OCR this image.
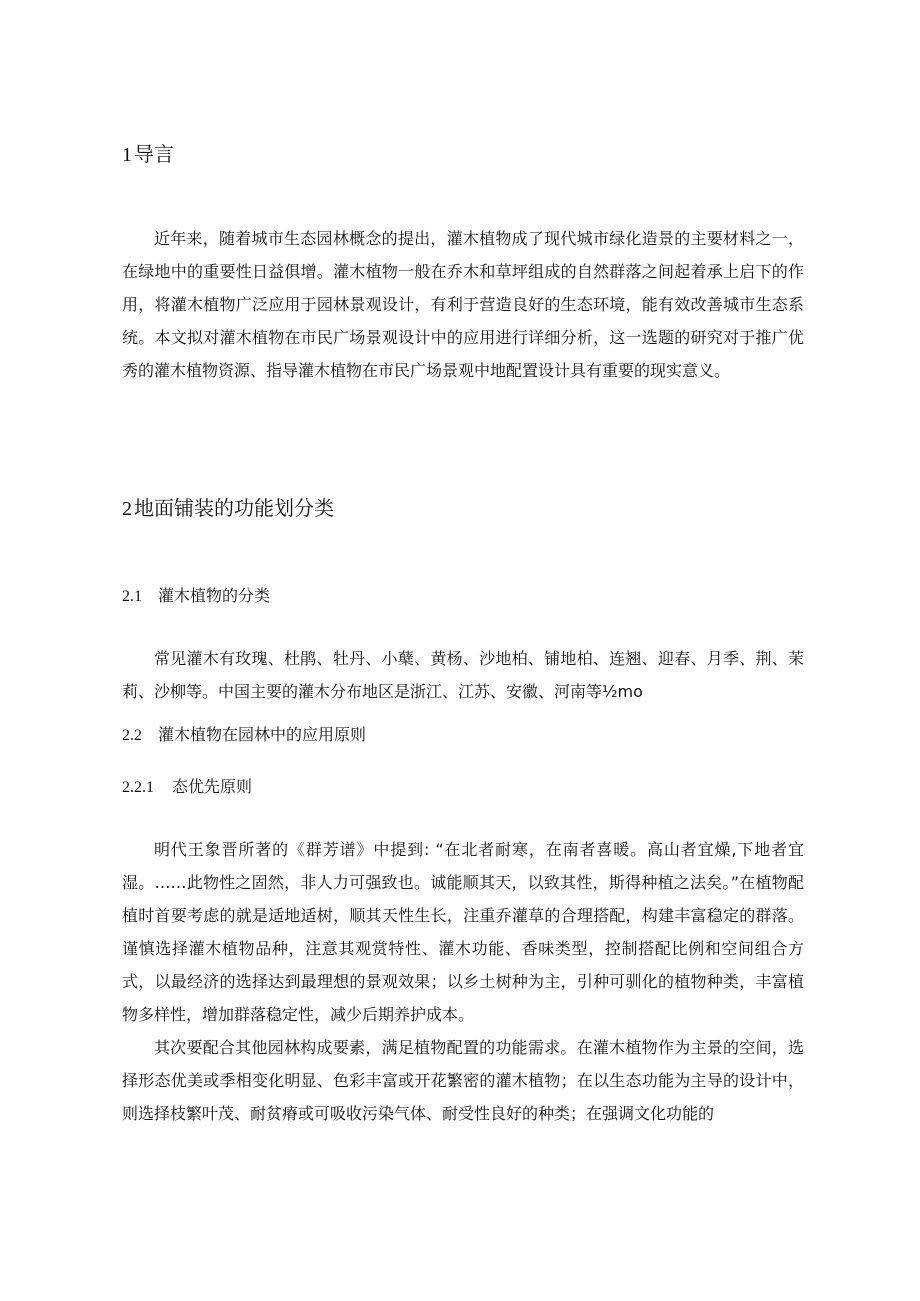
1 导言

近年来，随着城市生态园林概念的提出，灌木植物成了现代城市绿化造景的主要材料之一，在绿地中的重要性日益俱增。灌木植物一般在乔木和草坪组成的自然群落之间起着承上启下的作用，将灌木植物广泛应用于园林景观设计，有利于营造良好的生态环境，能有效改善城市生态系统。本文拟对灌木植物在市民广场景观设计中的应用进行详细分析，这一选题的研究对于推广优秀的灌木植物资源、指导灌木植物在市民广场景观中地配置设计具有重要的现实意义。

2 地面铺装的功能划分类
2.1 灌木植物的分类

常见灌木有玫瑰、杜鹃、牡丹、小蘖、黄杨、沙地柏、铺地柏、连翘、迎春、月季、荆、茉莉、沙柳等。中国主要的灌木分布地区是浙江、江苏、安徽、河南等½mo

2.2 灌木植物在园林中的应用原则
2.2.1 态优先原则

明代王象晋所著的《群芳谱》中提到: “在北者耐寒，在南者喜暖。高山者宜燥,下地者宜湿。……此物性之固然，非人力可强致也。诚能顺其天，以致其性，斯得种植之法矣。”在植物配植时首要考虑的就是适地适树，顺其天性生长，注重乔灌草的合理搭配，构建丰富稳定的群落。谨慎选择灌木植物品种，注意其观赏特性、灌木功能、香味类型，控制搭配比例和空间组合方式，以最经济的选择达到最理想的景观效果；以乡土树种为主，引种可驯化的植物种类，丰富植物多样性，增加群落稳定性，减少后期养护成本。

其次要配合其他园林构成要素，满足植物配置的功能需求。在灌木植物作为主景的空间，选择形态优美或季相变化明显、色彩丰富或开花繁密的灌木植物；在以生态功能为主导的设计中，则选择枝繁叶茂、耐贫瘠或可吸收污染气体、耐受性良好的种类；在强调文化功能的
